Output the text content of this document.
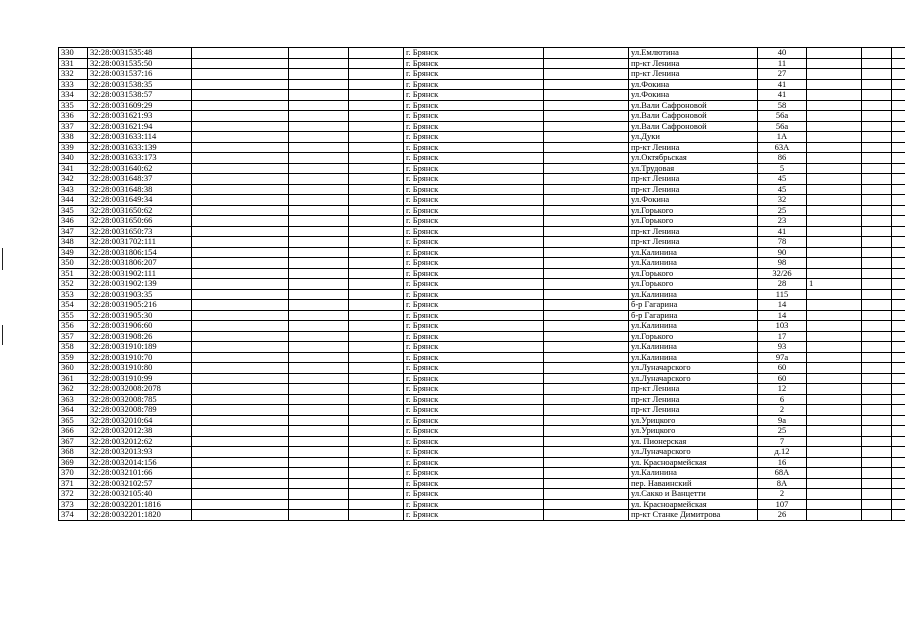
330	32:28:0031535:48				г. Брянск		ул.Емлютина	40			
331	32:28:0031535:50				г. Брянск		пр-кт Ленина	11			
332	32:28:0031537:16				г. Брянск		пр-кт Ленина	27			
333	32:28:0031538:35				г. Брянск		ул.Фокина	41			
334	32:28:0031538:57				г. Брянск		ул.Фокина	41			
335	32:28:0031609:29				г. Брянск		ул.Вали Сафроновой	58			
336	32:28:0031621:93				г. Брянск		ул.Вали Сафроновой	56а			
337	32:28:0031621:94				г. Брянск		ул.Вали Сафроновой	56а			
338	32:28:0031633:114				г. Брянск		ул.Дуки	1А			
339	32:28:0031633:139				г. Брянск		пр-кт Ленина	63А			
340	32:28:0031633:173				г. Брянск		ул.Октябрьская	86			
341	32:28:0031640:62				г. Брянск		ул.Трудовая	5			
342	32:28:0031648:37				г. Брянск		пр-кт Ленина	45			
343	32:28:0031648:38				г. Брянск		пр-кт Ленина	45			
344	32:28:0031649:34				г. Брянск		ул.Фокина	32			
345	32:28:0031650:62				г. Брянск		ул.Горького	25			
346	32:28:0031650:66				г. Брянск		ул.Горького	23			
347	32:28:0031650:73				г. Брянск		пр-кт Ленина	41			
348	32:28:0031702:111				г. Брянск		пр-кт Ленина	78			
349	32:28:0031806:154				г. Брянск		ул.Калинина	90			
350	32:28:0031806:207				г. Брянск		ул.Калинина	98			
351	32:28:0031902:111				г. Брянск		ул.Горького	32/26			
352	32:28:0031902:139				г. Брянск		ул.Горького	28	1		
353	32:28:0031903:35				г. Брянск		ул.Калинина	115			
354	32:28:0031905:216				г. Брянск		б-р Гагарина	14			
355	32:28:0031905:30				г. Брянск		б-р Гагарина	14			
356	32:28:0031906:60				г. Брянск		ул.Калинина	103			
357	32:28:0031908:26				г. Брянск		ул.Горького	17			
358	32:28:0031910:189				г. Брянск		ул.Калинина	93			
359	32:28:0031910:70				г. Брянск		ул.Калинина	97а			
360	32:28:0031910:80				г. Брянск		ул.Луначарского	60			
361	32:28:0031910:99				г. Брянск		ул.Луначарского	60			
362	32:28:0032008:2078				г. Брянск		пр-кт Ленина	12			
363	32:28:0032008:785				г. Брянск		пр-кт Ленина	6			
364	32:28:0032008:789				г. Брянск		пр-кт Ленина	2			
365	32:28:0032010:64				г. Брянск		ул.Урицкого	9а			
366	32:28:0032012:38				г. Брянск		ул.Урицкого	25			
367	32:28:0032012:62				г. Брянск		ул. Пионерская	7			
368	32:28:0032013:93				г. Брянск		ул.Луначарского	д.12			
369	32:28:0032014:156				г. Брянск		ул. Красноармейская	16			
370	32:28:0032101:66				г. Брянск		ул.Калинина	68А			
371	32:28:0032102:57				г. Брянск		пер. Наваинский	8А			
372	32:28:0032105:40				г. Брянск		ул.Сакко и Ванцетти	2			
373	32:28:0032201:1816				г. Брянск		ул. Красноармейская	107			
374	32:28:0032201:1820				г. Брянск		пр-кт Станке Димитрова	26			
